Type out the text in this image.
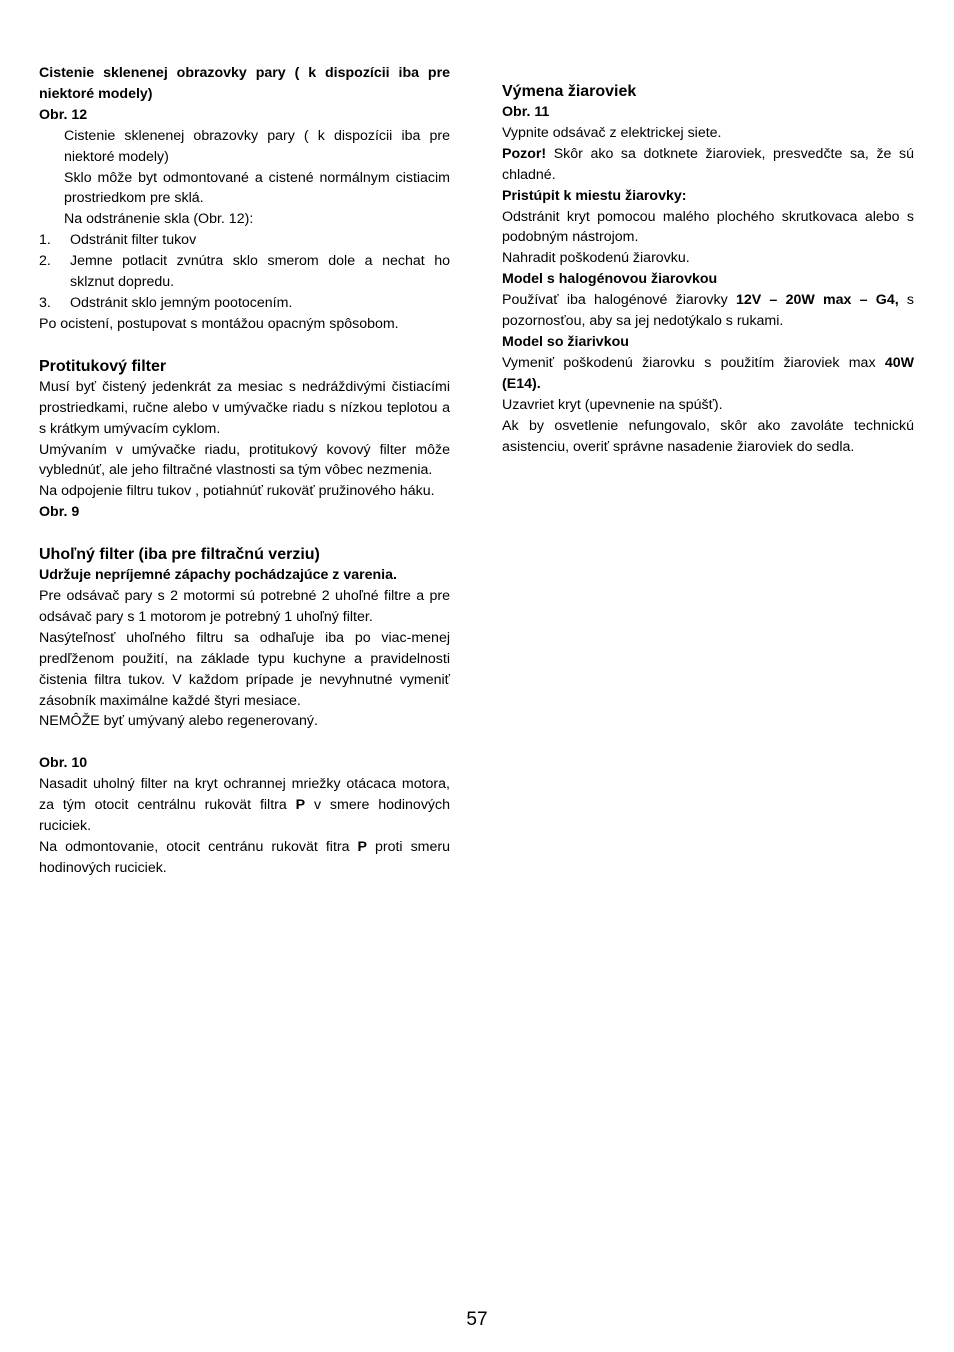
Cistenie sklenenej obrazovky pary ( k dispozícii iba pre niektoré modely)

Obr. 12

Cistenie sklenenej obrazovky pary ( k dispozícii iba pre niektoré modely)

Sklo môže byt odmontované a cistené normálnym cistiacim prostriedkom pre sklá.

Na odstránenie skla (Obr. 12):

1.	Odstránit filter tukov
2.	Jemne potlacit zvnútra sklo smerom dole a nechat ho sklznut dopredu.
3.	Odstránit sklo jemným pootocením.

Po ocistení, postupovat s montážou opacným spôsobom.

Protitukový filter

Musí byť čistený jedenkrát za mesiac s nedráždivými čistiacími prostriedkami, ručne alebo v umývačke riadu s nízkou teplotou a s krátkym umývacím cyklom.

Umývaním v umývačke riadu, protitukový kovový filter môže vyblednúť, ale jeho filtračné vlastnosti sa tým vôbec nezmenia.

Na odpojenie filtru tukov , potiahnúť rukoväť pružinového háku.

Obr. 9

Uhoľný filter (iba pre filtračnú verziu)

Udržuje nepríjemné zápachy pochádzajúce z varenia.

Pre odsávač pary s 2 motormi sú potrebné 2 uhoľné filtre a pre odsávač pary s 1 motorom je potrebný 1 uhoľný filter.

Nasýteľnosť uhoľného filtru sa odhaľuje iba po viac-menej predľženom použití, na základe typu kuchyne a pravidelnosti čistenia filtra tukov. V každom prípade je nevyhnutné vymeniť zásobník maximálne každé štyri mesiace.

NEMÔŽE byť umývaný alebo regenerovaný.

Obr. 10

Nasadit uholný filter na kryt ochrannej mriežky otácaca motora, za tým otocit centrálnu rukovät filtra P v smere hodinových ruciciek.

Na odmontovanie, otocit centránu rukovät fitra P proti smeru hodinových ruciciek.

Výmena žiaroviek

Obr. 11

Vypnite odsávač z elektrickej siete.

Pozor! Skôr ako sa dotknete žiaroviek, presvedčte sa, že sú chladné.

Pristúpit k miestu žiarovky:

Odstránit kryt pomocou malého plochého skrutkovaca alebo s podobným nástrojom.

Nahradit poškodenú žiarovku.

Model s halogénovou žiarovkou

Používať iba halogénové žiarovky 12V – 20W max – G4, s pozornosťou, aby sa jej nedotýkalo s rukami.

Model so žiarivkou

Vymeniť poškodenú žiarovku s použitím žiaroviek max 40W (E14).

Uzavriet kryt (upevnenie na spúšť).

Ak by osvetlenie nefungovalo, skôr ako zavoláte technickú asistenciu, overiť správne nasadenie žiaroviek do sedla.

57
